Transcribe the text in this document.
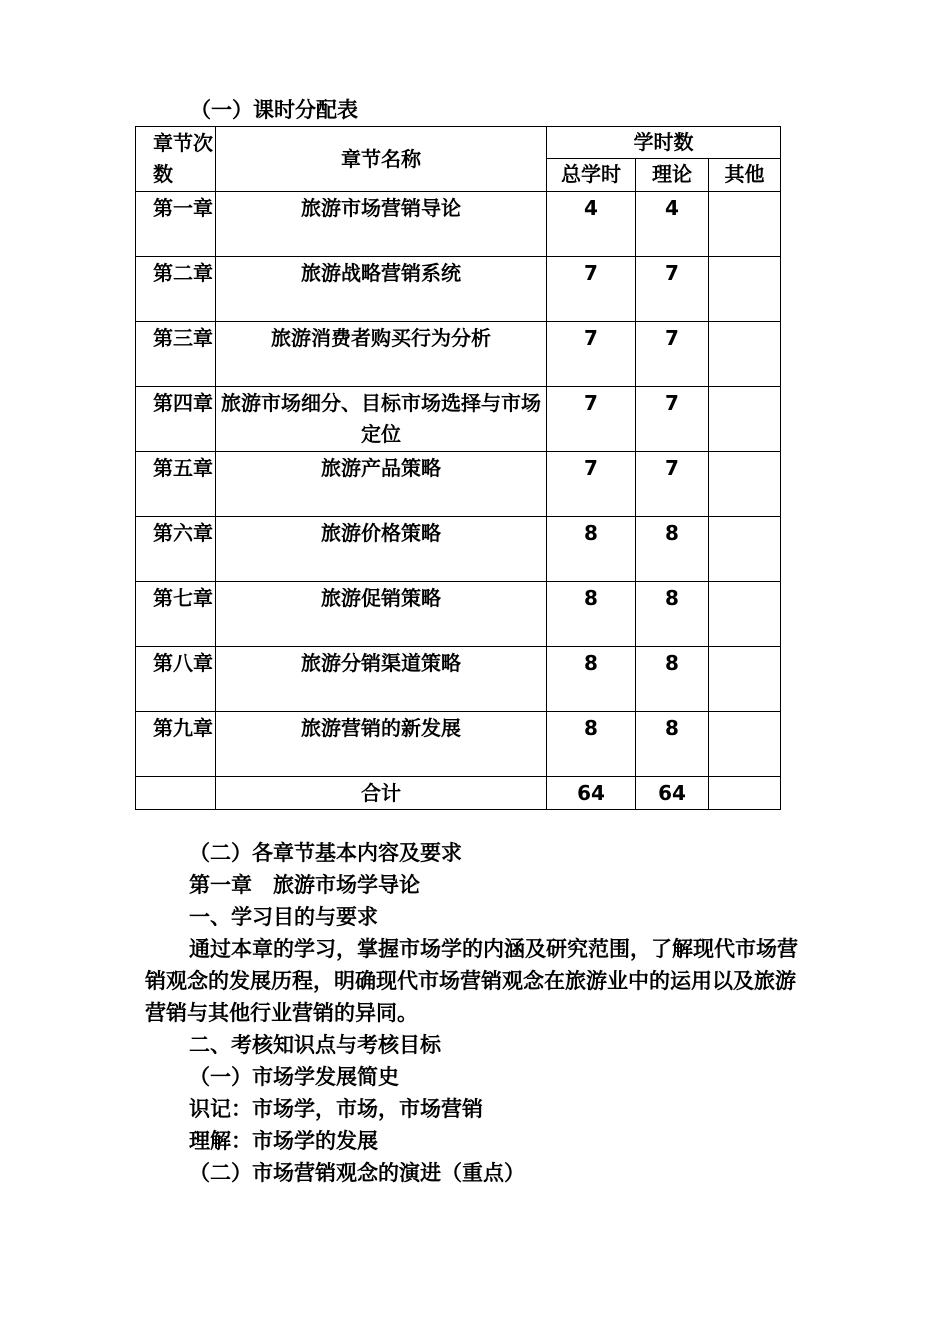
（一）课时分配表
章节次数	章节名称	学时数		
		总学时	理论	其他
第一章	旅游市场营销导论	4	4	
第二章	旅游战略营销系统	7	7	
第三章	旅游消费者购买行为分析	7	7	
第四章	旅游市场细分、目标市场选择与市场定位	7	7	
第五章	旅游产品策略	7	7	
第六章	旅游价格策略	8	8	
第七章	旅游促销策略	8	8	
第八章	旅游分销渠道策略	8	8	
第九章	旅游营销的新发展	8	8	
	合计	64	64	

（二）各章节基本内容及要求

第一章　旅游市场学导论

一、学习目的与要求

通过本章的学习，掌握市场学的内涵及研究范围，了解现代市场营销观念的发展历程，明确现代市场营销观念在旅游业中的运用以及旅游营销与其他行业营销的异同。

二、考核知识点与考核目标

（一）市场学发展简史

识记：市场学，市场，市场营销

理解：市场学的发展

（二）市场营销观念的演进（重点）
